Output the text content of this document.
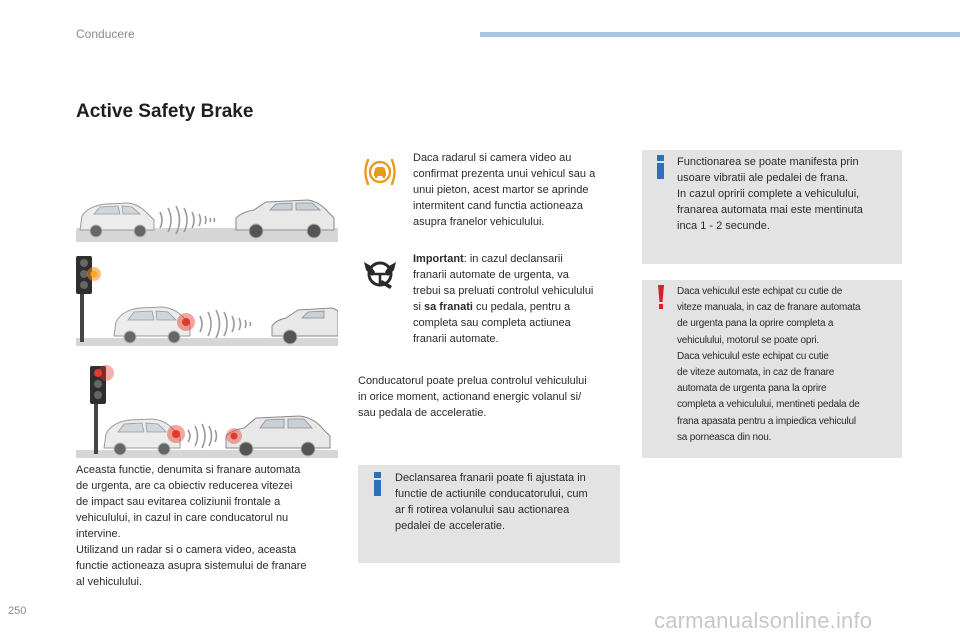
Conducere
Active Safety Brake

Daca radarul si camera video au

confirmat prezenta unui vehicul sau a

unui pieton, acest martor se aprinde

intermitent cand functia actioneaza

asupra franelor vehiculului.

Important: in cazul declansarii

franarii automate de urgenta, va

trebui sa preluati controlul vehiculului

si sa franati cu pedala, pentru a

completa sau completa actiunea

franarii automate.

Conducatorul poate prelua controlul vehiculului

in orice moment, actionand energic volanul si/

sau pedala de acceleratie.

Aceasta functie, denumita si franare automata

de urgenta, are ca obiectiv reducerea vitezei

de impact sau evitarea coliziunii frontale a

vehiculului, in cazul in care conducatorul nu

intervine.

Utilizand un radar si o camera video, aceasta

functie actioneaza asupra sistemului de franare

al vehiculului.

Declansarea franarii poate fi ajustata in

functie de actiunile conducatorului, cum

ar fi rotirea volanului sau actionarea

pedalei de acceleratie.

Functionarea se poate manifesta prin

usoare vibratii ale pedalei de frana.

In cazul opririi complete a vehiculului,

franarea automata mai este mentinuta

inca 1 - 2 secunde.

Daca vehiculul este echipat cu cutie de

viteze manuala, in caz de franare automata

de urgenta pana la oprire completa a

vehiculului, motorul se poate opri.

Daca vehiculul este echipat cu cutie

de viteze automata, in caz de franare

automata de urgenta pana la oprire

completa a vehiculului, mentineti pedala de

frana apasata pentru a impiedica vehiculul

sa porneasca din nou.

250	carmanualsonline.info
